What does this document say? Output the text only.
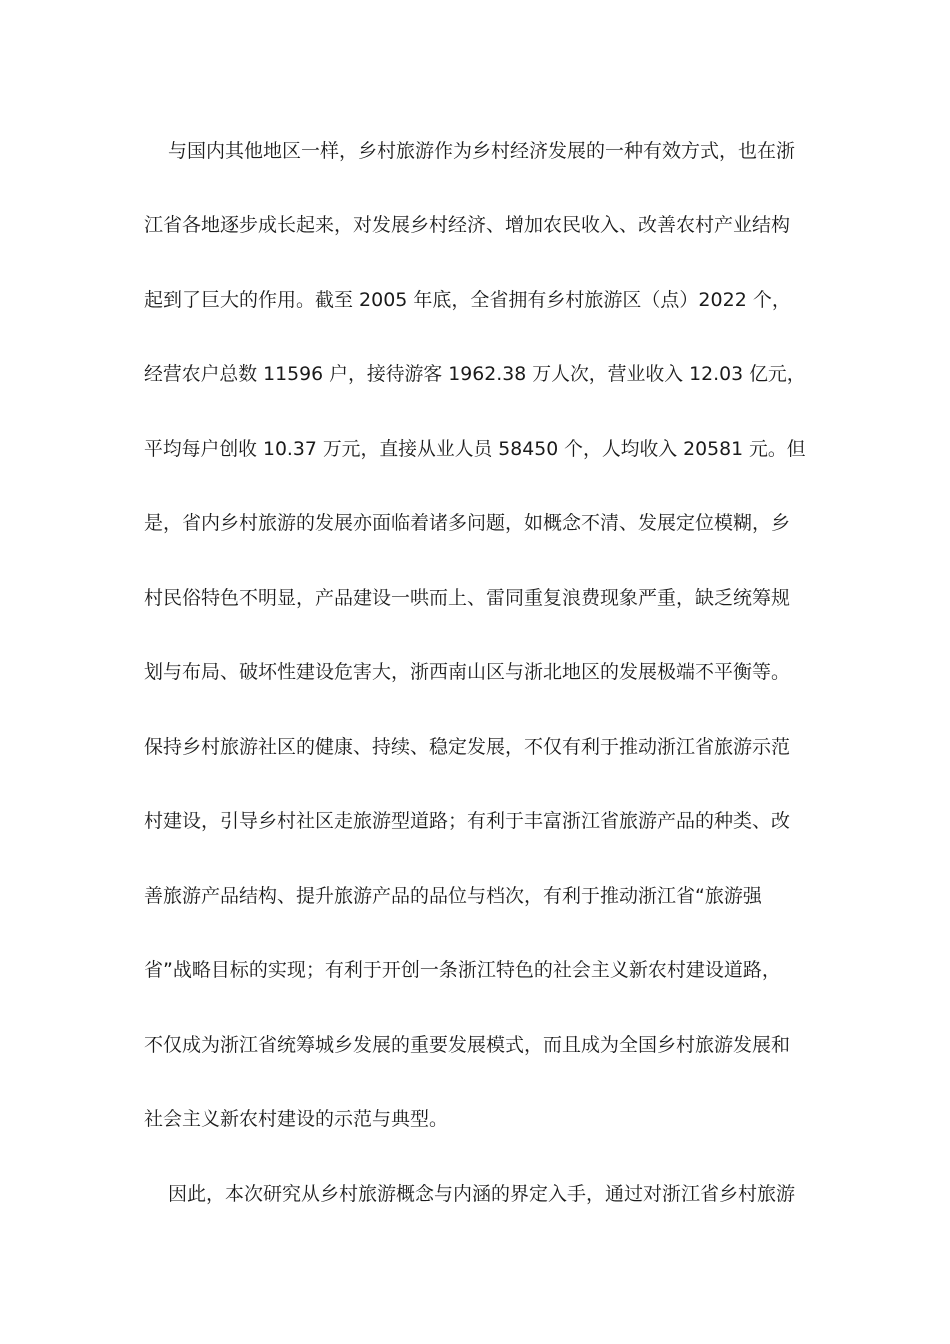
与国内其他地区一样，乡村旅游作为乡村经济发展的一种有效方式，也在浙
江省各地逐步成长起来，对发展乡村经济、增加农民收入、改善农村产业结构
起到了巨大的作用。截至 2005 年底，全省拥有乡村旅游区（点）2022 个，
经营农户总数 11596 户，接待游客 1962.38 万人次，营业收入 12.03 亿元，
平均每户创收 10.37 万元，直接从业人员 58450 个，人均收入 20581 元。但
是，省内乡村旅游的发展亦面临着诸多问题，如概念不清、发展定位模糊，乡
村民俗特色不明显，产品建设一哄而上、雷同重复浪费现象严重，缺乏统筹规
划与布局、破坏性建设危害大，浙西南山区与浙北地区的发展极端不平衡等。
保持乡村旅游社区的健康、持续、稳定发展，不仅有利于推动浙江省旅游示范
村建设，引导乡村社区走旅游型道路；有利于丰富浙江省旅游产品的种类、改
善旅游产品结构、提升旅游产品的品位与档次，有利于推动浙江省“旅游强
省”战略目标的实现；有利于开创一条浙江特色的社会主义新农村建设道路，
不仅成为浙江省统筹城乡发展的重要发展模式，而且成为全国乡村旅游发展和
社会主义新农村建设的示范与典型。
因此，本次研究从乡村旅游概念与内涵的界定入手，通过对浙江省乡村旅游
